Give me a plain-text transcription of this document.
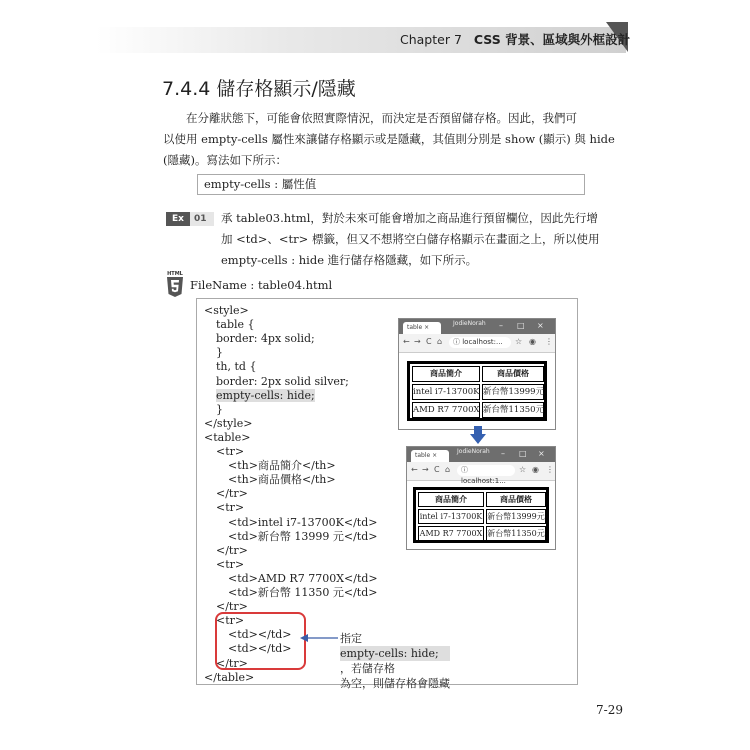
Chapter 7 CSS 背景、區域與外框設計
7.4.4 儲存格顯示/隱藏
在分離狀態下，可能會依照實際情況，而決定是否預留儲存格。因此，我們可
以使用 empty-cells 屬性來讓儲存格顯示或是隱藏，其值則分別是 show (顯示) 與 hide
(隱藏)。寫法如下所示：
empty-cells : 屬性值
Ex	01 承 table03.html，對於未來可能會增加之商品進行預留欄位，因此先行增
加 <td>、<tr> 標籤，但又不想將空白儲存格顯示在畫面之上，所以使用
empty-cells : hide 進行儲存格隱藏，如下所示。
HTML
FileName : table04.html
<style>
table {
border: 4px solid;
}
th, td {
border: 2px solid silver;
empty-cells: hide;
}
</style>
<table>
<tr>
<th>商品簡介</th>
<th>商品價格</th>
</tr>
<tr>
<td>intel i7-13700K</td>
<td>新台幣 13999 元</td>
</tr>
<tr>
<td>AMD R7 7700X</td>
<td>新台幣 11350 元</td>
</tr>
<tr>
<td></td>
<td></td>
</tr>
</table>
指定
empty-cells: hide;
，若儲存格
為空，則儲存格會隱藏
table ×
JodieNorah – □ ×
← → C ⌂	ⓘ localhost:...	☆ ◉ ⋮
商品簡介	商品價格
intel i7-13700K 新台幣13999元
AMD R7 7700X 新台幣11350元
table ×
JodieNorah – □ ×
← → C ⌂	ⓘ localhost:1...
☆ ◉ ⋮
商品簡介	商品價格
intel i7-13700K 新台幣13999元
AMD R7 7700X 新台幣11350元
7-29
